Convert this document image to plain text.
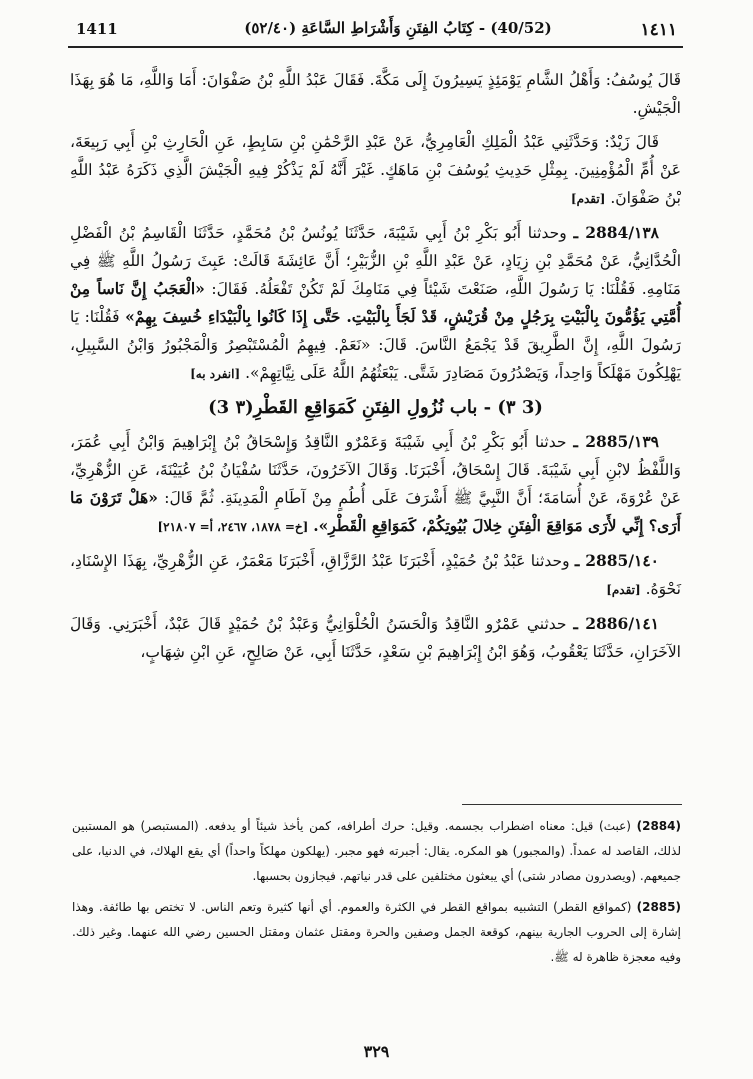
1411	(40/52) - كِتَابُ الفِتَنِ وَأَشْرَاطِ السَّاعَةِ (٥٢/٤٠)	١٤١١

قَالَ يُوسُفُ: وَأَهْلُ الشَّامِ يَوْمَئِذٍ يَسِيرُونَ إِلَى مَكَّةَ. فَقَالَ عَبْدُ اللَّهِ بْنُ صَفْوَانَ: أَمَا وَاللَّهِ، مَا هُوَ بِهَذَا الْجَيْشِ.

قَالَ زَيْدٌ: وَحَدَّثَنِي عَبْدُ الْمَلِكِ الْعَامِرِيُّ، عَنْ عَبْدِ الرَّحْمَٰنِ بْنِ سَابِطٍ، عَنِ الْحَارِثِ بْنِ أَبِي رَبِيعَةَ، عَنْ أُمِّ الْمُؤْمِنِينَ. بِمِثْلِ حَدِيثِ يُوسُفَ بْنِ مَاهَكٍ. غَيْرَ أَنَّهُ لَمْ يَذْكُرْ فِيهِ الْجَيْشَ الَّذِي ذَكَرَهُ عَبْدُ اللَّهِ بْنُ صَفْوَانَ. [تقدم]

١٣٨/2884 ـ وحدثنا أَبُو بَكْرِ بْنُ أَبِي شَيْبَةَ، حَدَّثَنَا يُونُسُ بْنُ مُحَمَّدٍ، حَدَّثَنَا الْقَاسِمُ بْنُ الْفَضْلِ الْحُدَّانِيُّ، عَنْ مُحَمَّدِ بْنِ زِيَادٍ، عَنْ عَبْدِ اللَّهِ بْنِ الزُّبَيْرِ؛ أَنَّ عَائِشَةَ قَالَتْ: عَبِثَ رَسُولُ اللَّهِ ﷺ فِي مَنَامِهِ. فَقُلْنَا: يَا رَسُولَ اللَّهِ، صَنَعْتَ شَيْئاً فِي مَنَامِكَ لَمْ تَكُنْ تَفْعَلُهُ. فَقَالَ: «الْعَجَبُ إِنَّ نَاساً مِنْ أُمَّتِي يَؤُمُّونَ بِالْبَيْتِ بِرَجُلٍ مِنْ قُرَيْشٍ، قَدْ لَجَأَ بِالْبَيْتِ. حَتَّى إِذَا كَانُوا بِالْبَيْدَاءِ خُسِفَ بِهِمْ» فَقُلْنَا: يَا رَسُولَ اللَّهِ، إِنَّ الطَّرِيقَ قَدْ يَجْمَعُ النَّاسَ. قَالَ: «نَعَمْ. فِيهِمُ الْمُسْتَبْصِرُ وَالْمَجْبُورُ وَابْنُ السَّبِيلِ، يَهْلِكُونَ مَهْلَكاً وَاحِداً، وَيَصْدُرُونَ مَصَادِرَ شَتَّى. يَبْعَثُهُمُ اللَّهُ عَلَى نِيَّاتِهِمْ». [انفرد به]

(3 ٣) - باب نُزُولِ الفِتَنِ كَمَوَاقِعِ القَطْرِ(٣ 3)

١٣٩/2885 ـ حدثنا أَبُو بَكْرِ بْنُ أَبِي شَيْبَةَ وَعَمْرٌو النَّاقِدُ وَإِسْحَاقُ بْنُ إِبْرَاهِيمَ وَابْنُ أَبِي عُمَرَ، وَاللَّفْظُ لابْنِ أَبِي شَيْبَةَ. قَالَ إِسْحَاقُ، أَخْبَرَنَا. وَقَالَ الآخَرُونَ، حَدَّثَنَا سُفْيَانُ بْنُ عُيَيْنَةَ، عَنِ الزُّهْرِيِّ، عَنْ عُرْوَةَ، عَنْ أُسَامَةَ؛ أَنَّ النَّبِيَّ ﷺ أَشْرَفَ عَلَى أُطُمٍ مِنْ آطَامِ الْمَدِينَةِ. ثُمَّ قَالَ: «هَلْ تَرَوْنَ مَا أَرَى؟ إِنِّي لأَرَى مَوَاقِعَ الْفِتَنِ خِلالَ بُيُوتِكُمْ، كَمَوَاقِعِ الْقَطْرِ». [خ= ١٨٧٨، ٢٤٦٧، أ= ٢١٨٠٧]

١٤٠/2885 ـ وحدثنا عَبْدُ بْنُ حُمَيْدٍ، أَخْبَرَنَا عَبْدُ الرَّزَّاقِ، أَخْبَرَنَا مَعْمَرٌ، عَنِ الزُّهْرِيِّ، بِهَذَا الإِسْنَادِ، نَحْوَهُ. [تقدم]

١٤١/2886 ـ حدثني عَمْرٌو النَّاقِدُ وَالْحَسَنُ الْحُلْوَانِيُّ وَعَبْدُ بْنُ حُمَيْدٍ قَالَ عَبْدٌ، أَخْبَرَنِي. وَقَالَ الآخَرَانِ، حَدَّثَنَا يَعْقُوبُ، وَهُوَ ابْنُ إِبْرَاهِيمَ بْنِ سَعْدٍ، حَدَّثَنَا أَبِي، عَنْ صَالِحٍ، عَنِ ابْنِ شِهَابٍ،

(2884) (عبث) قيل: معناه اضطراب بجسمه. وقيل: حرك أطرافه، كمن يأخذ شيئاً أو يدفعه. (المستبصر) هو المستبين لذلك، القاصد له عمداً. (والمجبور) هو المكره. يقال: أجبرته فهو مجبر. (يهلكون مهلكاً واحداً) أي يقع الهلاك، في الدنيا، على جميعهم. (ويصدرون مصادر شتى) أي يبعثون مختلفين على قدر نياتهم. فيجازون بحسبها.

(2885) (كمواقع القطر) التشبيه بمواقع القطر في الكثرة والعموم. أي أنها كثيرة وتعم الناس. لا تختص بها طائفة. وهذا إشارة إلى الحروب الجارية بينهم، كوقعة الجمل وصفين والحرة ومقتل عثمان ومقتل الحسين رضي الله عنهما. وغير ذلك. وفيه معجزة ظاهرة له ﷺ.

٣٢٩
